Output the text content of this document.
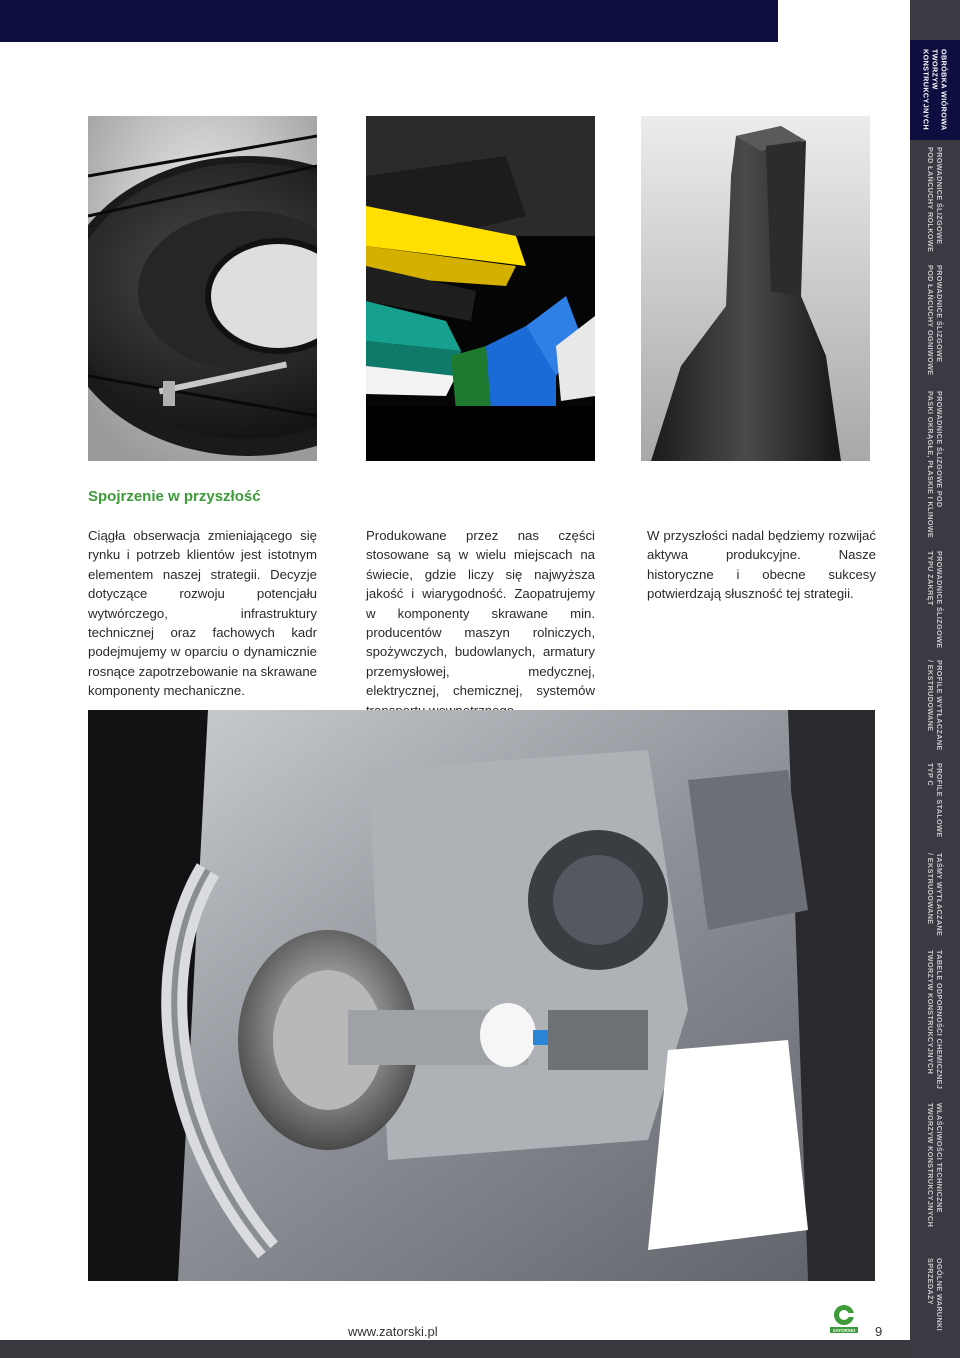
Spojrzenie w przyszłość
Ciągła obserwacja zmieniającego się rynku i potrzeb klientów jest istotnym elementem naszej strategii. Decyzje dotyczące rozwoju potencjału wytwórczego, infrastruktury technicznej oraz fachowych kadr podejmujemy w oparciu o dynamicznie rosnące zapotrzebowanie na skrawane komponenty mechaniczne.
Produkowane przez nas części stosowane są w wielu miejscach na świecie, gdzie liczy się najwyższa jakość i wiarygodność. Zaopatrujemy w komponenty skrawane min. producentów maszyn rolniczych, spożywczych, budowlanych, armatury przemysłowej, medycznej, elektrycznej, chemicznej, systemów
W przyszłości nadal będziemy rozwijać aktywa produkcyjne. Nasze historyczne i obecne sukcesy potwierdzają słuszność tej strategii.
www.zatorski.pl	ZATORSKI 9
OBRÓBKA WIÓROWA
TWORZYW
KONSTRUKCYJNYCH
PROWADNICE ŚLIZGOWE
POD ŁAŃCUCHY ROLKOWE
PROWADNICE ŚLIZGOWE
POD ŁAŃCUCHY OGNIWOWE
PROWADNICE ŚLIZGOWE POD
PASKI OKRĄGŁE, PŁASKIE I KLINOWE
PROWADNICE ŚLIZGOWE
TYPU ZAKRĘT
PROFILE WYTŁACZANE
/ EKSTRUDOWANE
PROFILE STALOWE
TYP C
TAŚMY WYTŁACZANE
/ EKSTRUDOWANE
TABELE ODPORNOŚCI CHEMICZNEJ
TWORZYW KONSTRUKCYJNYCH
WŁAŚCIWOŚCI TECHNICZNE
TWORZYW KONSTRUKCYJNYCH
OGÓLNE WARUNKI
SPRZEDAŻY
